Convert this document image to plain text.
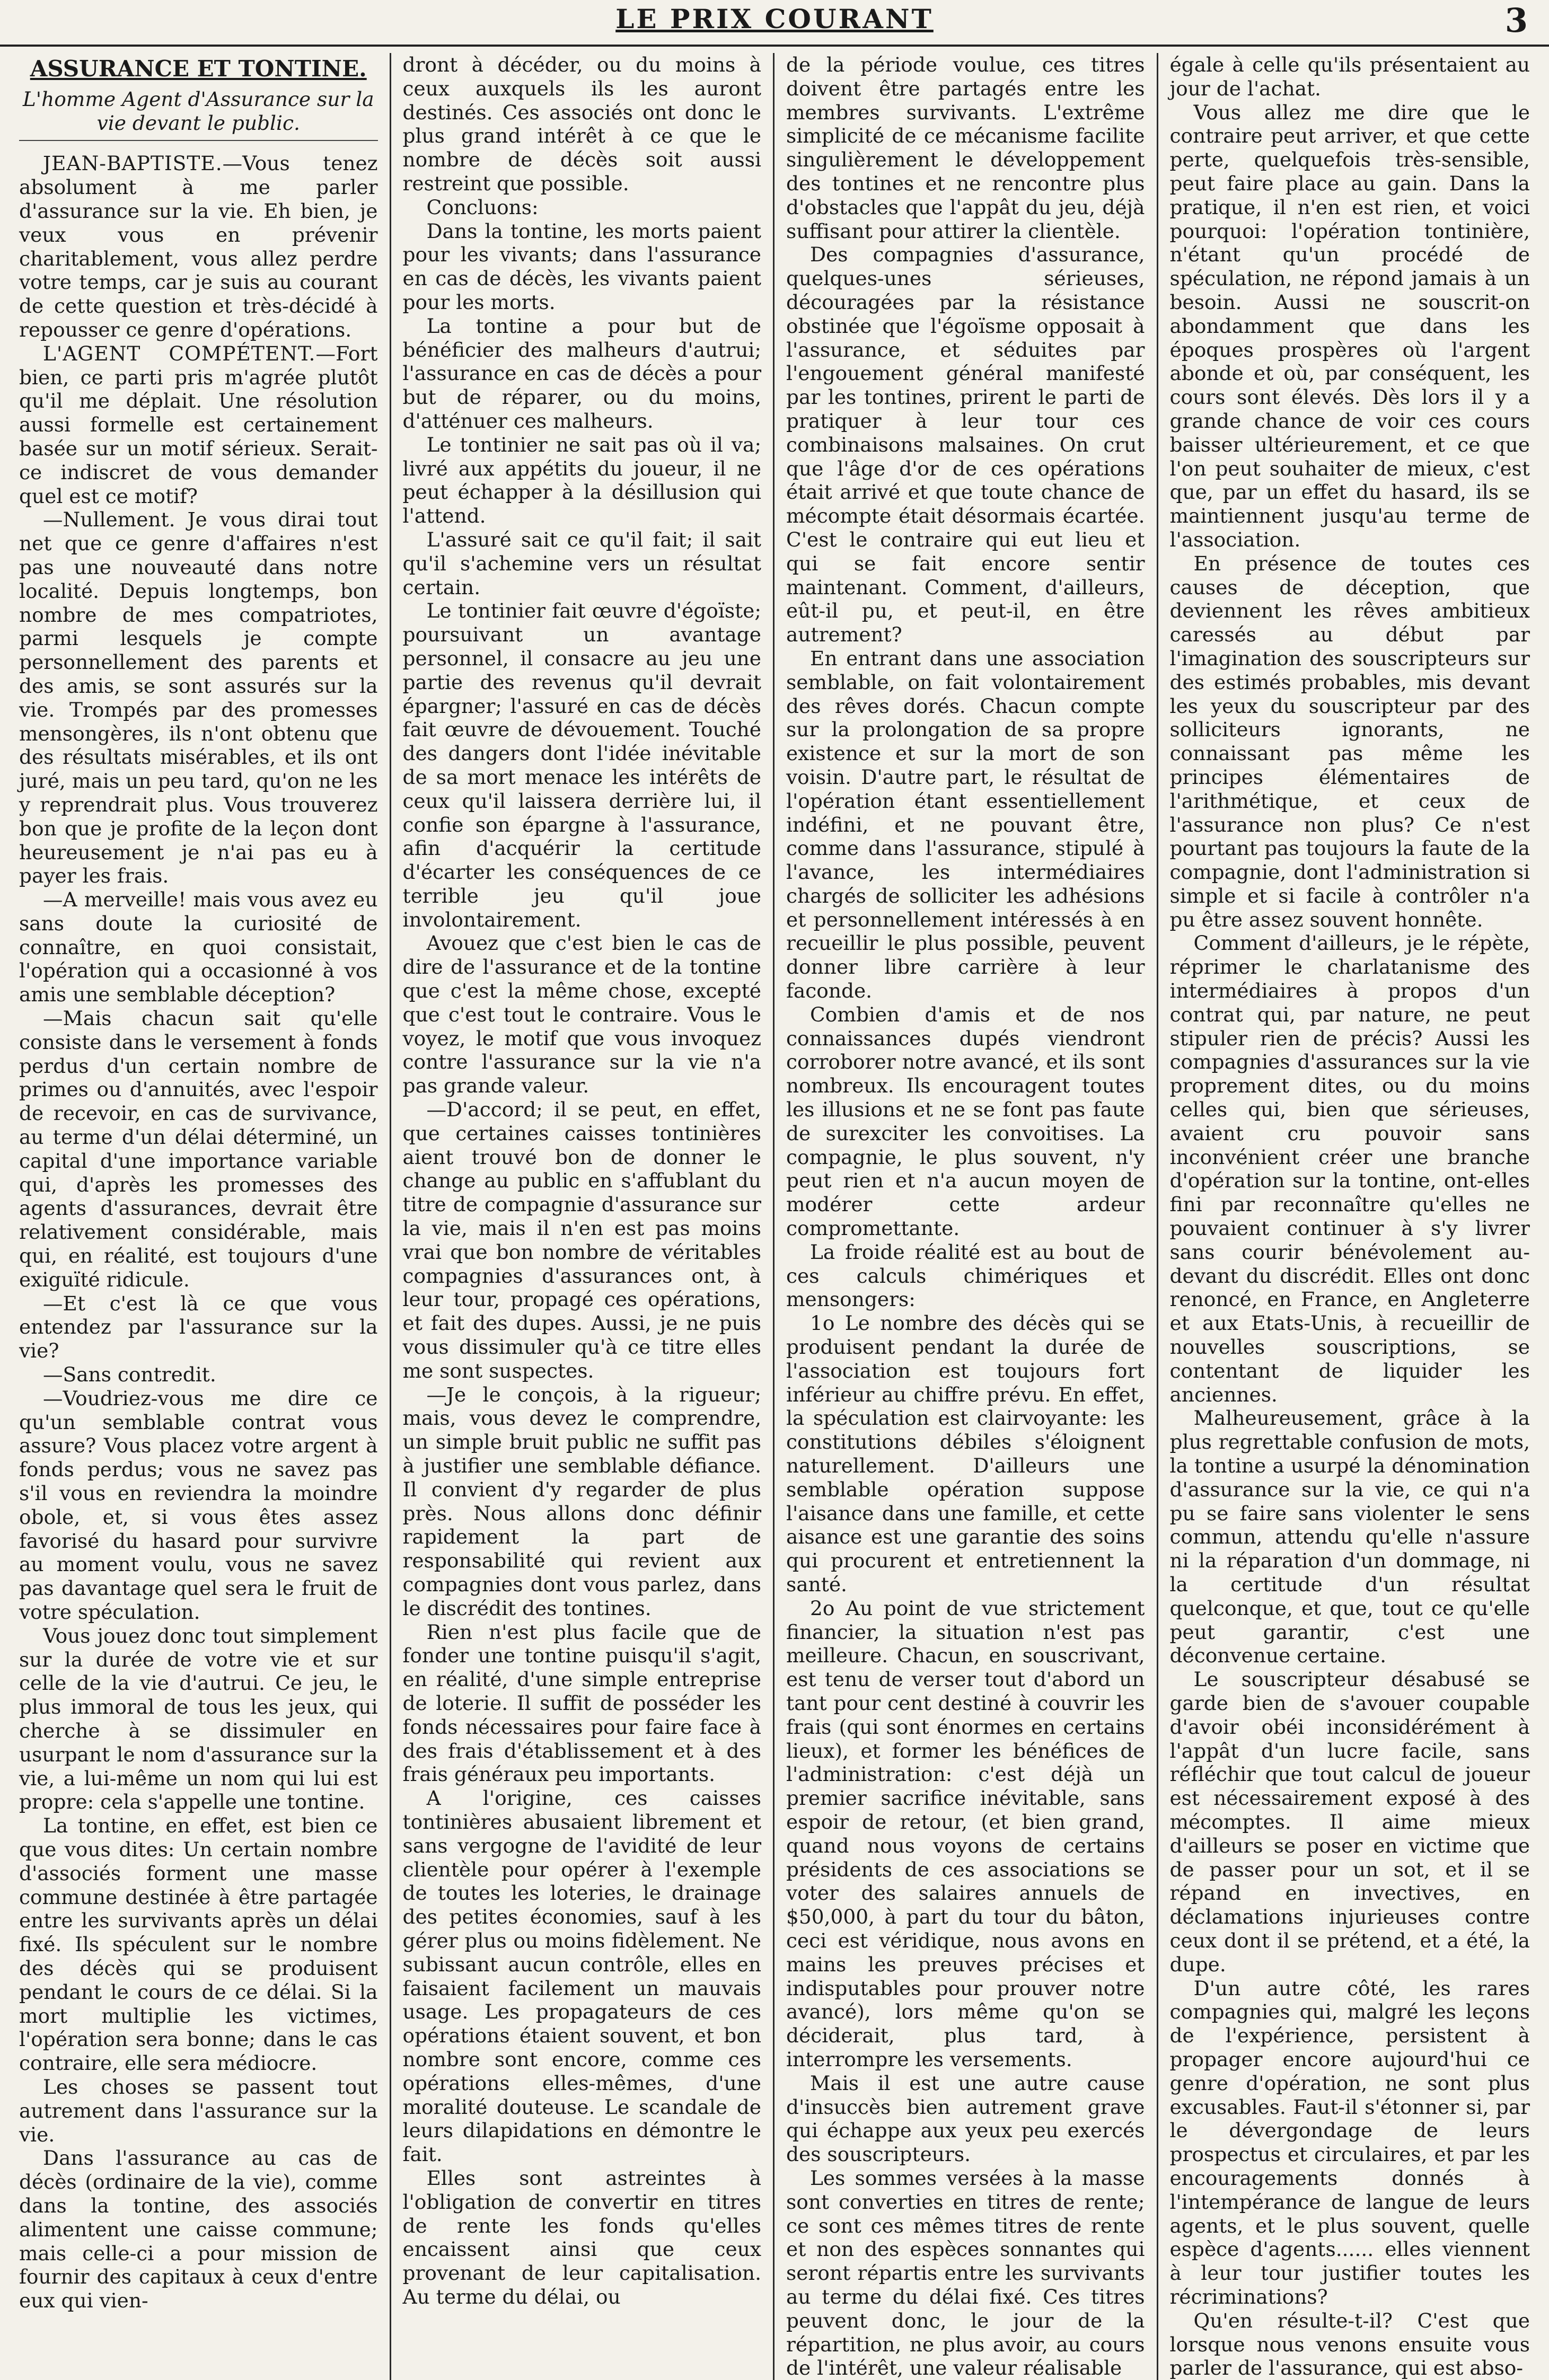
LE PRIX COURANT	3
ASSURANCE ET TONTINE.
L'homme Agent d'Assurance sur la vie devant le public.

JEAN-BAPTISTE.—Vous tenez absolument à me parler d'assurance sur la vie. Eh bien, je veux vous en prévenir charitablement, vous allez perdre votre temps, car je suis au courant de cette question et très-décidé à repousser ce genre d'opérations.

L'AGENT COMPÉTENT.—Fort bien, ce parti pris m'agrée plutôt qu'il me déplait. Une résolution aussi formelle est certainement basée sur un motif sérieux. Serait-ce indiscret de vous demander quel est ce motif?

—Nullement. Je vous dirai tout net que ce genre d'affaires n'est pas une nouveauté dans notre localité. Depuis longtemps, bon nombre de mes compatriotes, parmi lesquels je compte personnellement des parents et des amis, se sont assurés sur la vie. Trompés par des promesses mensongères, ils n'ont obtenu que des résultats misérables, et ils ont juré, mais un peu tard, qu'on ne les y reprendrait plus. Vous trouverez bon que je profite de la leçon dont heureusement je n'ai pas eu à payer les frais.

—A merveille! mais vous avez eu sans doute la curiosité de connaître, en quoi consistait, l'opération qui a occasionné à vos amis une semblable déception?

—Mais chacun sait qu'elle consiste dans le versement à fonds perdus d'un certain nombre de primes ou d'annuités, avec l'espoir de recevoir, en cas de survivance, au terme d'un délai déterminé, un capital d'une importance variable qui, d'après les promesses des agents d'assurances, devrait être relativement considérable, mais qui, en réalité, est toujours d'une exiguïté ridicule.

—Et c'est là ce que vous entendez par l'assurance sur la vie?

—Sans contredit.

—Voudriez-vous me dire ce qu'un semblable contrat vous assure? Vous placez votre argent à fonds perdus; vous ne savez pas s'il vous en reviendra la moindre obole, et, si vous êtes assez favorisé du hasard pour survivre au moment voulu, vous ne savez pas davantage quel sera le fruit de votre spéculation.

Vous jouez donc tout simplement sur la durée de votre vie et sur celle de la vie d'autrui. Ce jeu, le plus immoral de tous les jeux, qui cherche à se dissimuler en usurpant le nom d'assurance sur la vie, a lui-même un nom qui lui est propre: cela s'appelle une tontine.

La tontine, en effet, est bien ce que vous dites: Un certain nombre d'associés forment une masse commune destinée à être partagée entre les survivants après un délai fixé. Ils spéculent sur le nombre des décès qui se produisent pendant le cours de ce délai. Si la mort multiplie les victimes, l'opération sera bonne; dans le cas contraire, elle sera médiocre.

Les choses se passent tout autrement dans l'assurance sur la vie.

Dans l'assurance au cas de décès (ordinaire de la vie), comme dans la tontine, des associés alimentent une caisse commune; mais celle-ci a pour mission de fournir des capitaux à ceux d'entre eux qui vien-

dront à décéder, ou du moins à ceux auxquels ils les auront destinés. Ces associés ont donc le plus grand intérêt à ce que le nombre de décès soit aussi restreint que possible.

Concluons:

Dans la tontine, les morts paient pour les vivants; dans l'assurance en cas de décès, les vivants paient pour les morts.

La tontine a pour but de bénéficier des malheurs d'autrui; l'assurance en cas de décès a pour but de réparer, ou du moins, d'atténuer ces malheurs.

Le tontinier ne sait pas où il va; livré aux appétits du joueur, il ne peut échapper à la désillusion qui l'attend.

L'assuré sait ce qu'il fait; il sait qu'il s'achemine vers un résultat certain.

Le tontinier fait œuvre d'égoïste; poursuivant un avantage personnel, il consacre au jeu une partie des revenus qu'il devrait épargner; l'assuré en cas de décès fait œuvre de dévouement. Touché des dangers dont l'idée inévitable de sa mort menace les intérêts de ceux qu'il laissera derrière lui, il confie son épargne à l'assurance, afin d'acquérir la certitude d'écarter les conséquences de ce terrible jeu qu'il joue involontairement.

Avouez que c'est bien le cas de dire de l'assurance et de la tontine que c'est la même chose, excepté que c'est tout le contraire. Vous le voyez, le motif que vous invoquez contre l'assurance sur la vie n'a pas grande valeur.

—D'accord; il se peut, en effet, que certaines caisses tontinières aient trouvé bon de donner le change au public en s'affublant du titre de compagnie d'assurance sur la vie, mais il n'en est pas moins vrai que bon nombre de véritables compagnies d'assurances ont, à leur tour, propagé ces opérations, et fait des dupes. Aussi, je ne puis vous dissimuler qu'à ce titre elles me sont suspectes.

—Je le conçois, à la rigueur; mais, vous devez le comprendre, un simple bruit public ne suffit pas à justifier une semblable défiance. Il convient d'y regarder de plus près. Nous allons donc définir rapidement la part de responsabilité qui revient aux compagnies dont vous parlez, dans le discrédit des tontines.

Rien n'est plus facile que de fonder une tontine puisqu'il s'agit, en réalité, d'une simple entreprise de loterie. Il suffit de posséder les fonds nécessaires pour faire face à des frais d'établissement et à des frais généraux peu importants.

A l'origine, ces caisses tontinières abusaient librement et sans vergogne de l'avidité de leur clientèle pour opérer à l'exemple de toutes les loteries, le drainage des petites économies, sauf à les gérer plus ou moins fidèlement. Ne subissant aucun contrôle, elles en faisaient facilement un mauvais usage. Les propagateurs de ces opérations étaient souvent, et bon nombre sont encore, comme ces opérations elles-mêmes, d'une moralité douteuse. Le scandale de leurs dilapidations en démontre le fait.

Elles sont astreintes à l'obligation de convertir en titres de rente les fonds qu'elles encaissent ainsi que ceux provenant de leur capitalisation. Au terme du délai, ou

de la période voulue, ces titres doivent être partagés entre les membres survivants. L'extrême simplicité de ce mécanisme facilite singulièrement le développement des tontines et ne rencontre plus d'obstacles que l'appât du jeu, déjà suffisant pour attirer la clientèle.

Des compagnies d'assurance, quelques-unes sérieuses, découragées par la résistance obstinée que l'égoïsme opposait à l'assurance, et séduites par l'engouement général manifesté par les tontines, prirent le parti de pratiquer à leur tour ces combinaisons malsaines. On crut que l'âge d'or de ces opérations était arrivé et que toute chance de mécompte était désormais écartée. C'est le contraire qui eut lieu et qui se fait encore sentir maintenant. Comment, d'ailleurs, eût-il pu, et peut-il, en être autrement?

En entrant dans une association semblable, on fait volontairement des rêves dorés. Chacun compte sur la prolongation de sa propre existence et sur la mort de son voisin. D'autre part, le résultat de l'opération étant essentiellement indéfini, et ne pouvant être, comme dans l'assurance, stipulé à l'avance, les intermédiaires chargés de solliciter les adhésions et personnellement intéressés à en recueillir le plus possible, peuvent donner libre carrière à leur faconde.

Combien d'amis et de nos connaissances dupés viendront corroborer notre avancé, et ils sont nombreux. Ils encouragent toutes les illusions et ne se font pas faute de surexciter les convoitises. La compagnie, le plus souvent, n'y peut rien et n'a aucun moyen de modérer cette ardeur compromettante.

La froide réalité est au bout de ces calculs chimériques et mensongers:

1o Le nombre des décès qui se produisent pendant la durée de l'association est toujours fort inférieur au chiffre prévu. En effet, la spéculation est clairvoyante: les constitutions débiles s'éloignent naturellement. D'ailleurs une semblable opération suppose l'aisance dans une famille, et cette aisance est une garantie des soins qui procurent et entretiennent la santé.

2o Au point de vue strictement financier, la situation n'est pas meilleure. Chacun, en souscrivant, est tenu de verser tout d'abord un tant pour cent destiné à couvrir les frais (qui sont énormes en certains lieux), et former les bénéfices de l'administration: c'est déjà un premier sacrifice inévitable, sans espoir de retour, (et bien grand, quand nous voyons de certains présidents de ces associations se voter des salaires annuels de $50,000, à part du tour du bâton, ceci est véridique, nous avons en mains les preuves précises et indisputables pour prouver notre avancé), lors même qu'on se déciderait, plus tard, à interrompre les versements.

Mais il est une autre cause d'insuccès bien autrement grave qui échappe aux yeux peu exercés des souscripteurs.

Les sommes versées à la masse sont converties en titres de rente; ce sont ces mêmes titres de rente et non des espèces sonnantes qui seront répartis entre les survivants au terme du délai fixé. Ces titres peuvent donc, le jour de la répartition, ne plus avoir, au cours de l'intérêt, une valeur réalisable

égale à celle qu'ils présentaient au jour de l'achat.

Vous allez me dire que le contraire peut arriver, et que cette perte, quelquefois très-sensible, peut faire place au gain. Dans la pratique, il n'en est rien, et voici pourquoi: l'opération tontinière, n'étant qu'un procédé de spéculation, ne répond jamais à un besoin. Aussi ne souscrit-on abondamment que dans les époques prospères où l'argent abonde et où, par conséquent, les cours sont élevés. Dès lors il y a grande chance de voir ces cours baisser ultérieurement, et ce que l'on peut souhaiter de mieux, c'est que, par un effet du hasard, ils se maintiennent jusqu'au terme de l'association.

En présence de toutes ces causes de déception, que deviennent les rêves ambitieux caressés au début par l'imagination des souscripteurs sur des estimés probables, mis devant les yeux du souscripteur par des solliciteurs ignorants, ne connaissant pas même les principes élémentaires de l'arithmétique, et ceux de l'assurance non plus? Ce n'est pourtant pas toujours la faute de la compagnie, dont l'administration si simple et si facile à contrôler n'a pu être assez souvent honnête.

Comment d'ailleurs, je le répète, réprimer le charlatanisme des intermédiaires à propos d'un contrat qui, par nature, ne peut stipuler rien de précis? Aussi les compagnies d'assurances sur la vie proprement dites, ou du moins celles qui, bien que sérieuses, avaient cru pouvoir sans inconvénient créer une branche d'opération sur la tontine, ont-elles fini par reconnaître qu'elles ne pouvaient continuer à s'y livrer sans courir bénévolement au-devant du discrédit. Elles ont donc renoncé, en France, en Angleterre et aux Etats-Unis, à recueillir de nouvelles souscriptions, se contentant de liquider les anciennes.

Malheureusement, grâce à la plus regrettable confusion de mots, la tontine a usurpé la dénomination d'assurance sur la vie, ce qui n'a pu se faire sans violenter le sens commun, attendu qu'elle n'assure ni la réparation d'un dommage, ni la certitude d'un résultat quelconque, et que, tout ce qu'elle peut garantir, c'est une déconvenue certaine.

Le souscripteur désabusé se garde bien de s'avouer coupable d'avoir obéi inconsidérément à l'appât d'un lucre facile, sans réfléchir que tout calcul de joueur est nécessairement exposé à des mécomptes. Il aime mieux d'ailleurs se poser en victime que de passer pour un sot, et il se répand en invectives, en déclamations injurieuses contre ceux dont il se prétend, et a été, la dupe.

D'un autre côté, les rares compagnies qui, malgré les leçons de l'expérience, persistent à propager encore aujourd'hui ce genre d'opération, ne sont plus excusables. Faut-il s'étonner si, par le dévergondage de leurs prospectus et circulaires, et par les encouragements donnés à l'intempérance de langue de leurs agents, et le plus souvent, quelle espèce d'agents...... elles viennent à leur tour justifier toutes les récriminations?

Qu'en résulte-t-il? C'est que lorsque nous venons ensuite vous parler de l'assurance, qui est abso-
